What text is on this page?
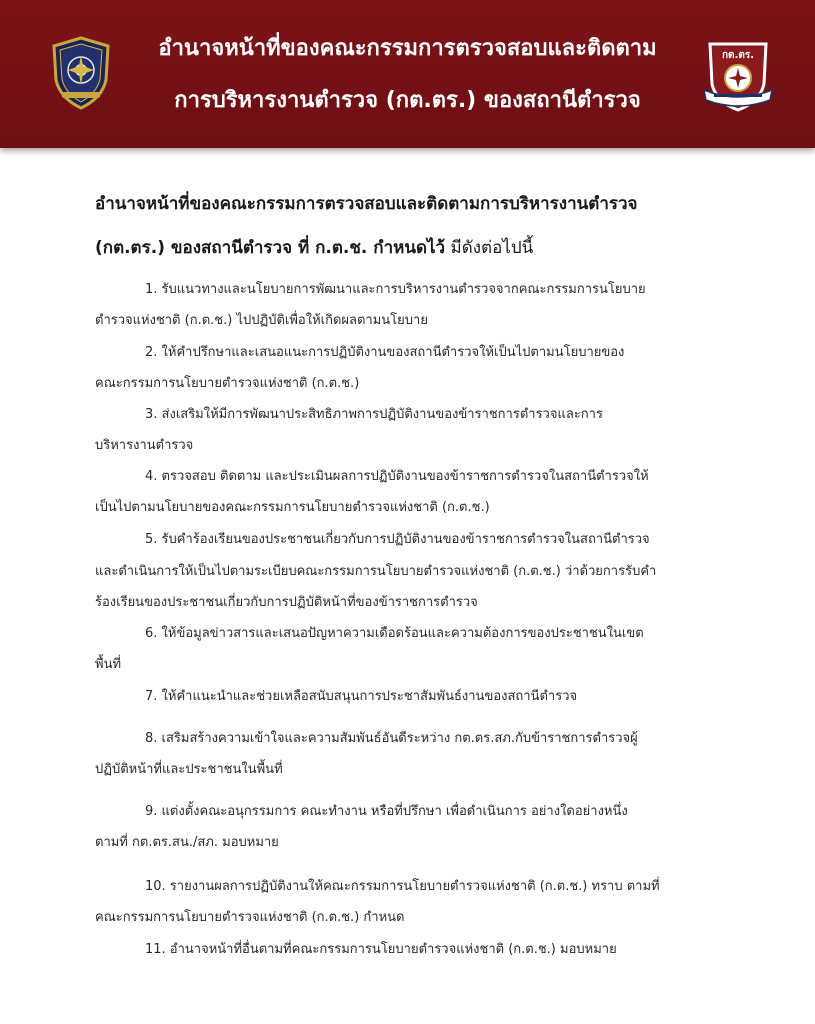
อำนาจหน้าที่ของคณะกรรมการตรวจสอบและติดตาม
การบริหารงานตำรวจ (กต.ตร.) ของสถานีตำรวจ
กต.ตร.
อำนาจหน้าที่ของคณะกรรมการตรวจสอบและติดตามการบริหารงานตำรวจ
(กต.ตร.) ของสถานีตำรวจ ที่ ก.ต.ช. กำหนดไว้ มีดังต่อไปนี้
1. รับแนวทางและนโยบายการพัฒนาและการบริหารงานตำรวจจากคณะกรรมการนโยบาย
ตำรวจแห่งชาติ (ก.ต.ช.) ไปปฏิบัติเพื่อให้เกิดผลตามนโยบาย
2. ให้คำปรึกษาและเสนอแนะการปฏิบัติงานของสถานีตำรวจให้เป็นไปตามนโยบายของ
คณะกรรมการนโยบายตำรวจแห่งชาติ (ก.ต.ช.)
3. ส่งเสริมให้มีการพัฒนาประสิทธิภาพการปฏิบัติงานของข้าราชการตำรวจและการ
บริหารงานตำรวจ
4. ตรวจสอบ ติดตาม และประเมินผลการปฏิบัติงานของข้าราชการตำรวจในสถานีตำรวจให้
เป็นไปตามนโยบายของคณะกรรมการนโยบายตำรวจแห่งชาติ (ก.ต.ช.)
5. รับคำร้องเรียนของประชาชนเกี่ยวกับการปฏิบัติงานของข้าราชการตำรวจในสถานีตำรวจ
และดำเนินการให้เป็นไปตามระเบียบคณะกรรมการนโยบายตำรวจแห่งชาติ (ก.ต.ช.) ว่าด้วยการรับคำ
ร้องเรียนของประชาชนเกี่ยวกับการปฏิบัติหน้าที่ของข้าราชการตำรวจ
6. ให้ข้อมูลข่าวสารและเสนอปัญหาความเดือดร้อนและความต้องการของประชาชนในเขต
พื้นที่
7. ให้คำแนะนำและช่วยเหลือสนับสนุนการประชาสัมพันธ์งานของสถานีตำรวจ
8. เสริมสร้างความเข้าใจและความสัมพันธ์อันดีระหว่าง กต.ตร.สภ.กับข้าราชการตำรวจผู้
ปฏิบัติหน้าที่และประชาชนในพื้นที่
9. แต่งตั้งคณะอนุกรรมการ คณะทำงาน หรือที่ปรึกษา เพื่อดำเนินการ อย่างใดอย่างหนึ่ง
ตามที่ กต.ตร.สน./สภ. มอบหมาย
10. รายงานผลการปฏิบัติงานให้คณะกรรมการนโยบายตำรวจแห่งชาติ (ก.ต.ช.) ทราบ ตามที่
คณะกรรมการนโยบายตำรวจแห่งชาติ (ก.ต.ช.) กำหนด
11. อำนาจหน้าที่อื่นตามที่คณะกรรมการนโยบายตำรวจแห่งชาติ (ก.ต.ช.) มอบหมาย
